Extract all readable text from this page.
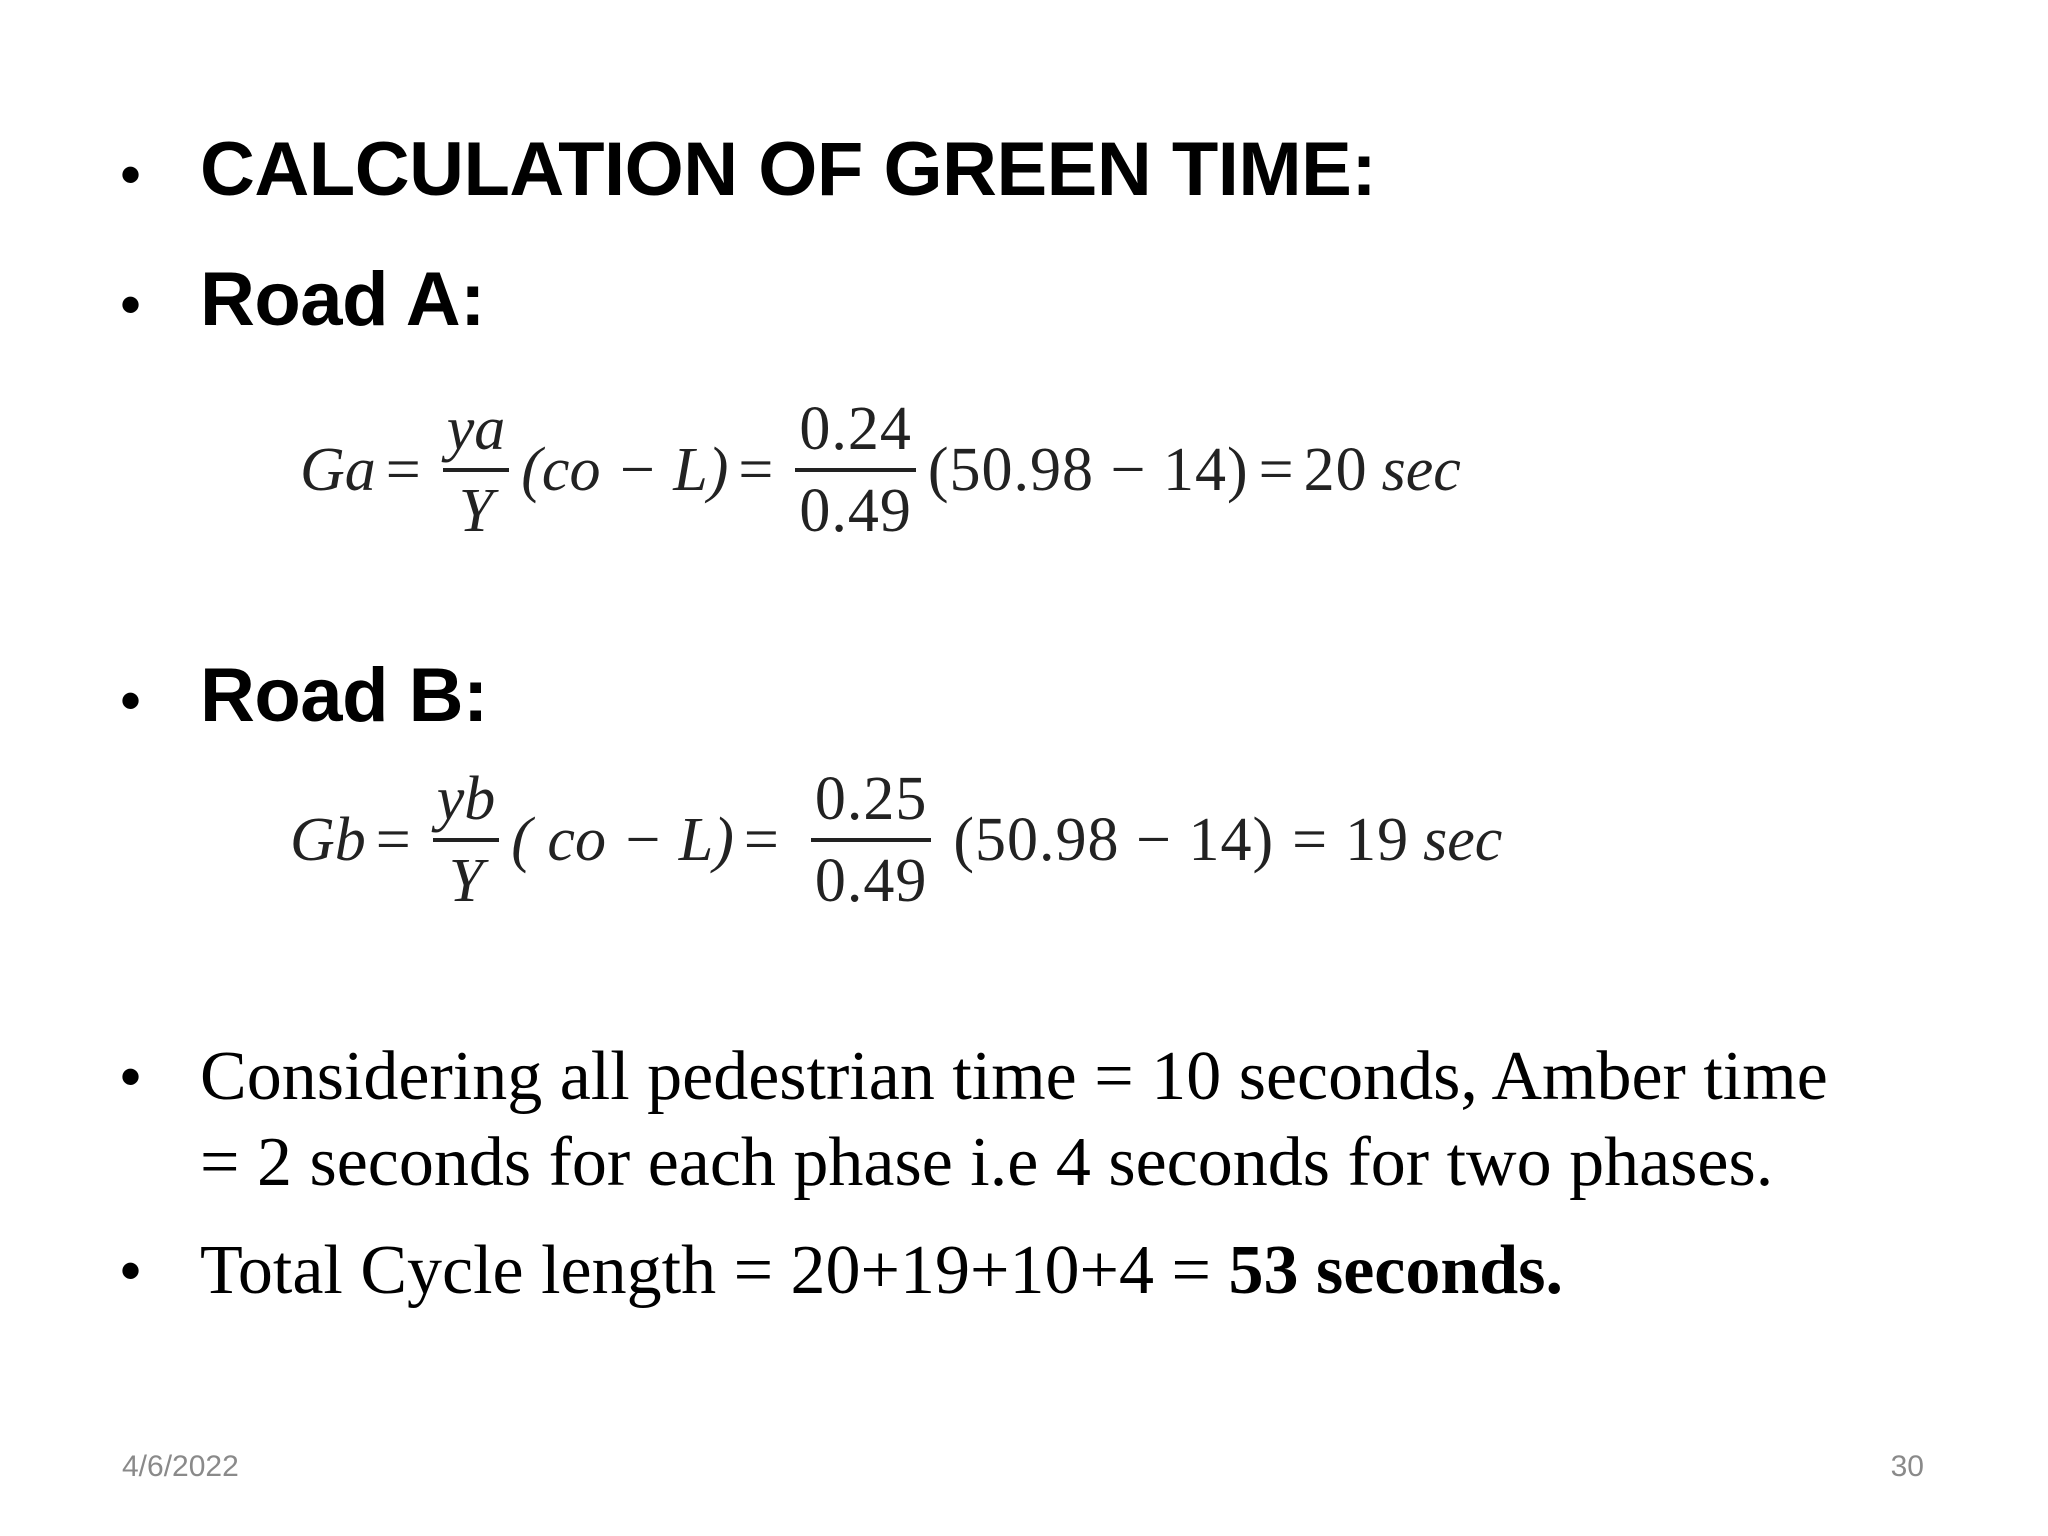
• CALCULATION OF GREEN TIME:
• Road A:
$Ga = \frac{ya}{Y} (co - L) = \frac{0.24}{0.49} (50.98 - 14) = 20$ sec
• Road B:
$Gb = \frac{yb}{Y}$ ( co − $L) = \frac{0.25}{0.49} (50.98 - 14) = 19$ sec
• Considering all pedestrian time = 10 seconds, Amber time
= 2 seconds for each phase i.e 4 seconds for two phases.
• Total Cycle length = 20+19+10+4 = 53 seconds.
4/6/2022	30
